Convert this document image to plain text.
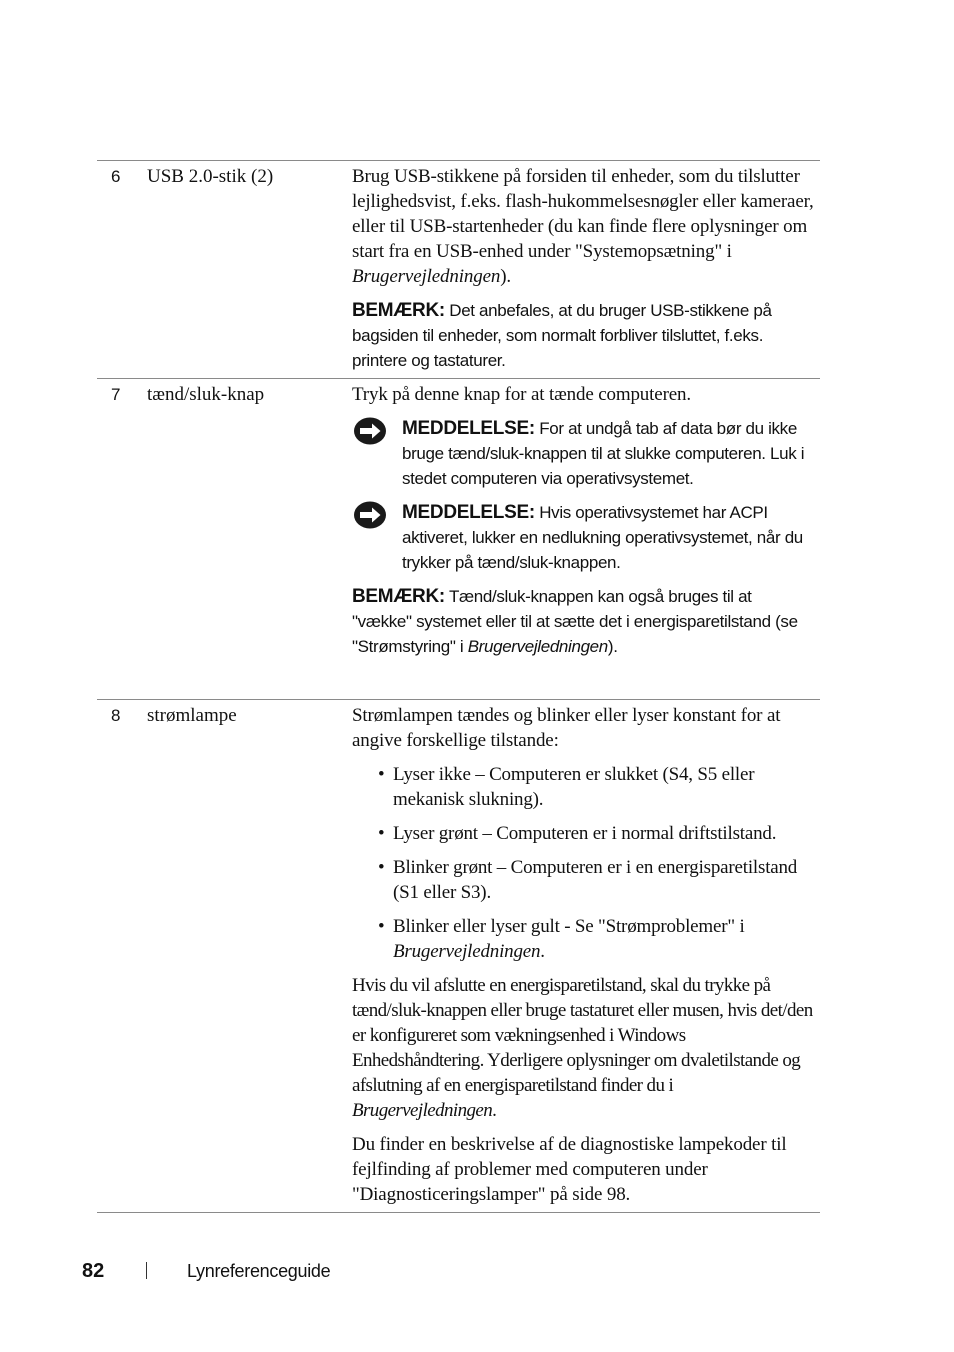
6 USB 2.0-stik (2)	Brug USB-stikkene på forsiden til enheder, som du tilslutter lejlighedsvist, f.eks. flash-hukommelsesnøgler eller kameraer, eller til USB-startenheder (du kan finde flere oplysninger om start fra en USB-enhed under "Systemopsætning" i Brugervejledningen).

BEMÆRK: Det anbefales, at du bruger USB-stikkene på bagsiden til enheder, som normalt forbliver tilsluttet, f.eks. printere og tastaturer.

7 tænd/sluk-knap	Tryk på denne knap for at tænde computeren.

MEDDELELSE: For at undgå tab af data bør du ikke bruge tænd/sluk-knappen til at slukke computeren. Luk i stedet computeren via operativsystemet.

MEDDELELSE: Hvis operativsystemet har ACPI aktiveret, lukker en nedlukning operativsystemet, når du trykker på tænd/sluk-knappen.

BEMÆRK: Tænd/sluk-knappen kan også bruges til at "vække" systemet eller til at sætte det i energisparetilstand (se "Strømstyring" i Brugervejledningen).

8 strømlampe	Strømlampen tændes og blinker eller lyser konstant for at angive forskellige tilstande:

• Lyser ikke – Computeren er slukket (S4, S5 eller mekanisk slukning).
• Lyser grønt – Computeren er i normal driftstilstand.
• Blinker grønt – Computeren er i en energisparetilstand (S1 eller S3).
• Blinker eller lyser gult - Se "Strømproblemer" i Brugervejledningen.

Hvis du vil afslutte en energisparetilstand, skal du trykke på tænd/sluk-knappen eller bruge tastaturet eller musen, hvis det/den er konfigureret som vækningsenhed i Windows Enhedshåndtering. Yderligere oplysninger om dvaletilstande og afslutning af en energisparetilstand finder du i Brugervejledningen.

Du finder en beskrivelse af de diagnostiske lampekoder til fejlfinding af problemer med computeren under "Diagnosticeringslamper" på side 98.

82	Lynreferenceguide
